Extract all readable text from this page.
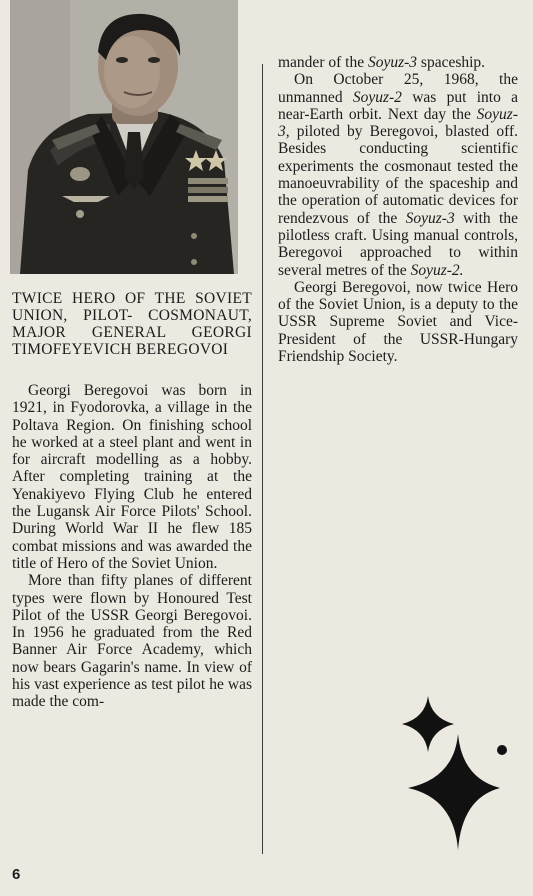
TWICE HERO OF THE SOVIET UNION, PILOT- COSMONAUT, MAJOR GENERAL GEORGI TIMOFEYEVICH BEREGOVOI

Georgi Beregovoi was born in 1921, in Fyodorovka, a village in the Poltava Region. On finishing school he worked at a steel plant and went in for aircraft modelling as a hobby. After completing training at the Yenakiyevo Flying Club he entered the Lugansk Air Force Pilots' School. During World War II he flew 185 combat missions and was awarded the title of Hero of the Soviet Union.

More than fifty planes of different types were flown by Honoured Test Pilot of the USSR Georgi Beregovoi. In 1956 he graduated from the Red Banner Air Force Academy, which now bears Gagarin's name. In view of his vast experience as test pilot he was made the com-

mander of the Soyuz-3 spaceship.

On October 25, 1968, the unmanned Soyuz-2 was put into a near-Earth orbit. Next day the Soyuz-3, piloted by Beregovoi, blasted off. Besides conducting scientific experiments the cosmonaut tested the manoeuvrability of the spaceship and the operation of automatic devices for rendezvous of the Soyuz-3 with the pilotless craft. Using manual controls, Beregovoi approached to within several metres of the Soyuz-2.

Georgi Beregovoi, now twice Hero of the Soviet Union, is a deputy to the USSR Supreme Soviet and Vice-President of the USSR-Hungary Friendship Society.

6
